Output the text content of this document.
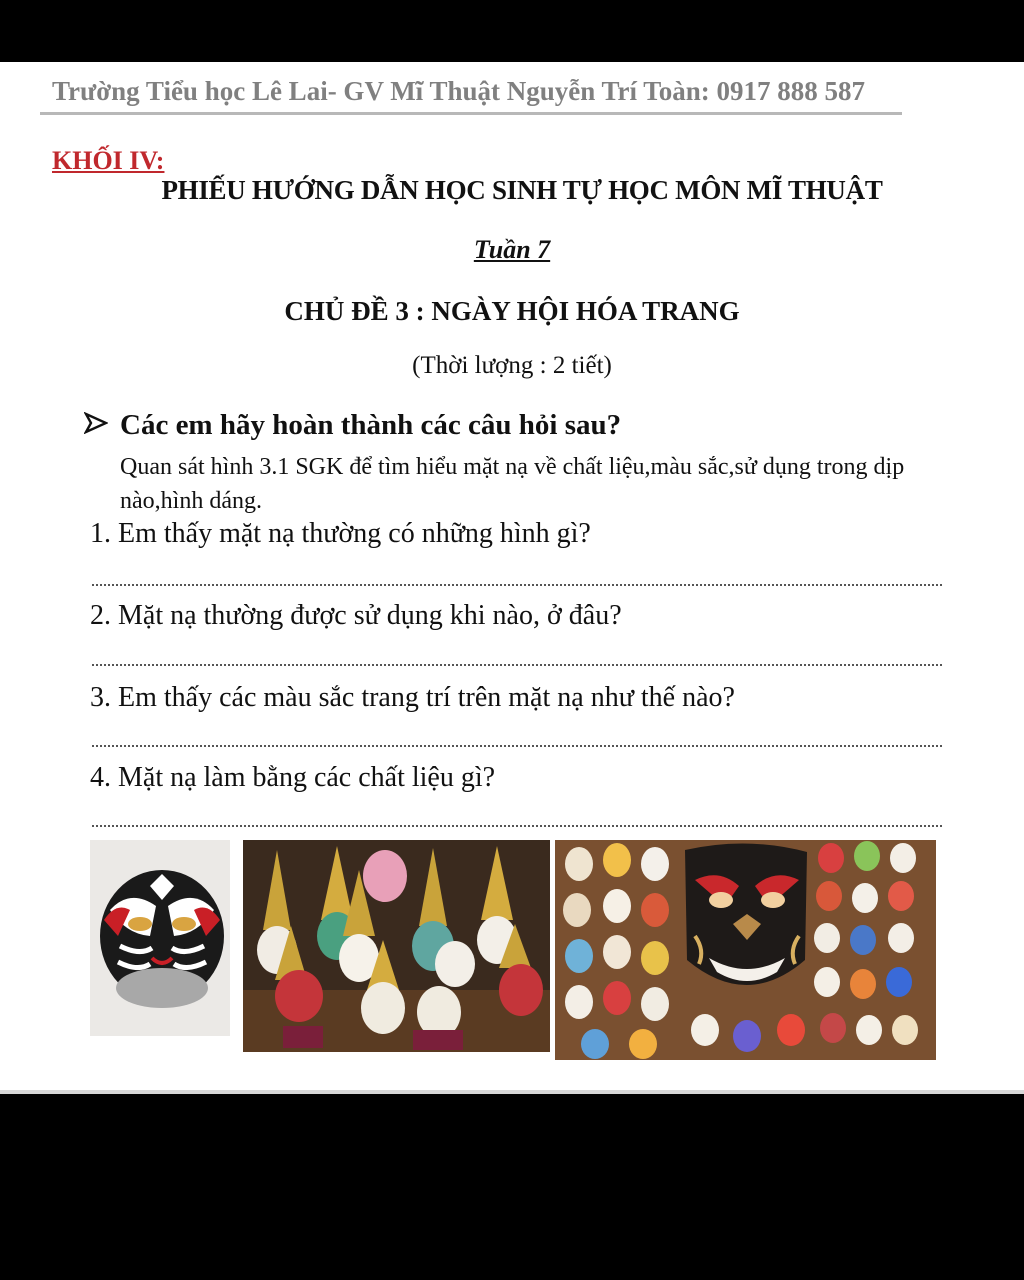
Trường Tiểu học Lê Lai- GV Mĩ Thuật Nguyễn Trí Toàn: 0917 888 587
KHỐI IV:
PHIẾU HƯỚNG DẪN HỌC SINH TỰ HỌC MÔN MĨ THUẬT
Tuần 7
CHỦ ĐỀ 3 : NGÀY HỘI HÓA TRANG
(Thời lượng : 2 tiết)
Các em hãy hoàn thành các câu hỏi sau?
Quan sát hình 3.1 SGK để tìm hiểu mặt nạ về chất liệu,màu sắc,sử dụng trong dịp nào,hình dáng.
1. Em thấy mặt nạ thường có những hình gì?
2. Mặt nạ thường được sử dụng khi nào, ở đâu?
3. Em thấy các màu sắc trang trí trên mặt nạ như thế nào?
4. Mặt nạ làm bằng các chất liệu gì?
